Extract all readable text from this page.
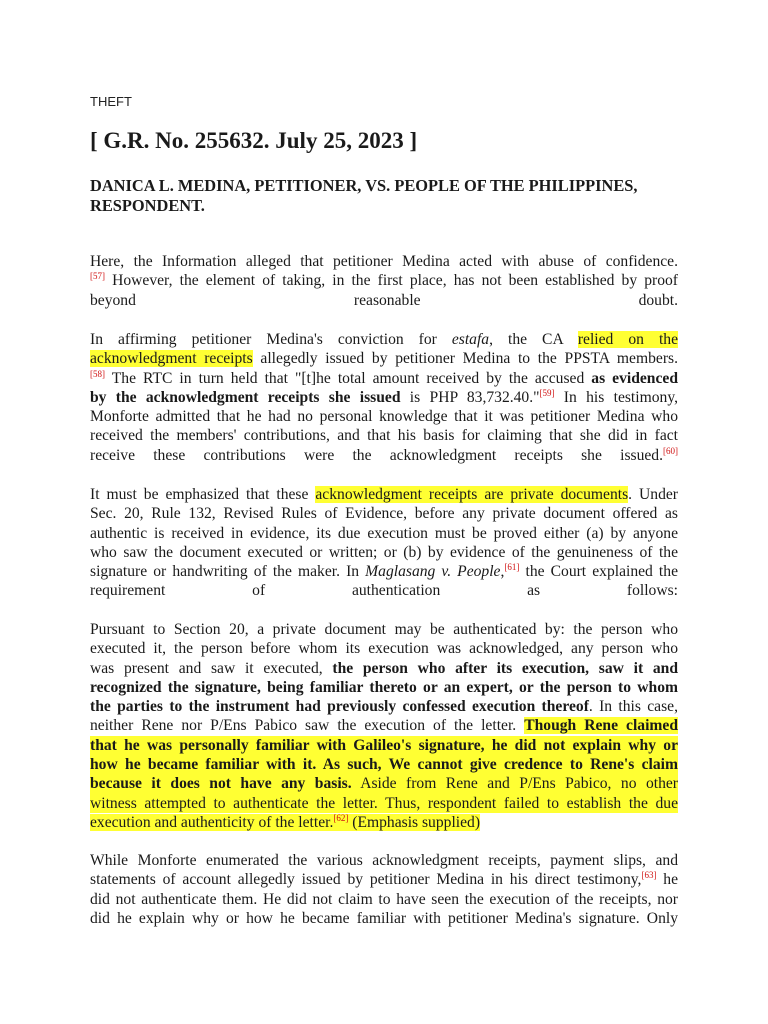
THEFT
[ G.R. No. 255632. July 25, 2023 ]
DANICA L. MEDINA, PETITIONER, VS. PEOPLE OF THE PHILIPPINES, RESPONDENT.
Here, the Information alleged that petitioner Medina acted with abuse of confidence.
[57] However, the element of taking, in the first place, has not been established by proof
beyond reasonable doubt.
In affirming petitioner Medina's conviction for estafa, the CA relied on the
acknowledgment receipts allegedly issued by petitioner Medina to the PPSTA members.
[58] The RTC in turn held that "[t]he total amount received by the accused as evidenced
by the acknowledgment receipts she issued is PHP 83,732.40."[59] In his testimony,
Monforte admitted that he had no personal knowledge that it was petitioner Medina who
received the members' contributions, and that his basis for claiming that she did in fact
receive these contributions were the acknowledgment receipts she issued.[60]
It must be emphasized that these acknowledgment receipts are private documents. Under
Sec. 20, Rule 132, Revised Rules of Evidence, before any private document offered as
authentic is received in evidence, its due execution must be proved either (a) by anyone
who saw the document executed or written; or (b) by evidence of the genuineness of the
signature or handwriting of the maker. In Maglasang v. People,[61] the Court explained the
requirement of authentication as follows:
Pursuant to Section 20, a private document may be authenticated by: the person who
executed it, the person before whom its execution was acknowledged, any person who
was present and saw it executed, the person who after its execution, saw it and
recognized the signature, being familiar thereto or an expert, or the person to whom
the parties to the instrument had previously confessed execution thereof. In this case,
neither Rene nor P/Ens Pabico saw the execution of the letter. Though Rene claimed
that he was personally familiar with Galileo's signature, he did not explain why or
how he became familiar with it. As such, We cannot give credence to Rene's claim
because it does not have any basis. Aside from Rene and P/Ens Pabico, no other
witness attempted to authenticate the letter. Thus, respondent failed to establish the due
execution and authenticity of the letter.[62] (Emphasis supplied)
While Monforte enumerated the various acknowledgment receipts, payment slips, and
statements of account allegedly issued by petitioner Medina in his direct testimony,[63] he
did not authenticate them. He did not claim to have seen the execution of the receipts, nor
did he explain why or how he became familiar with petitioner Medina's signature. Only
